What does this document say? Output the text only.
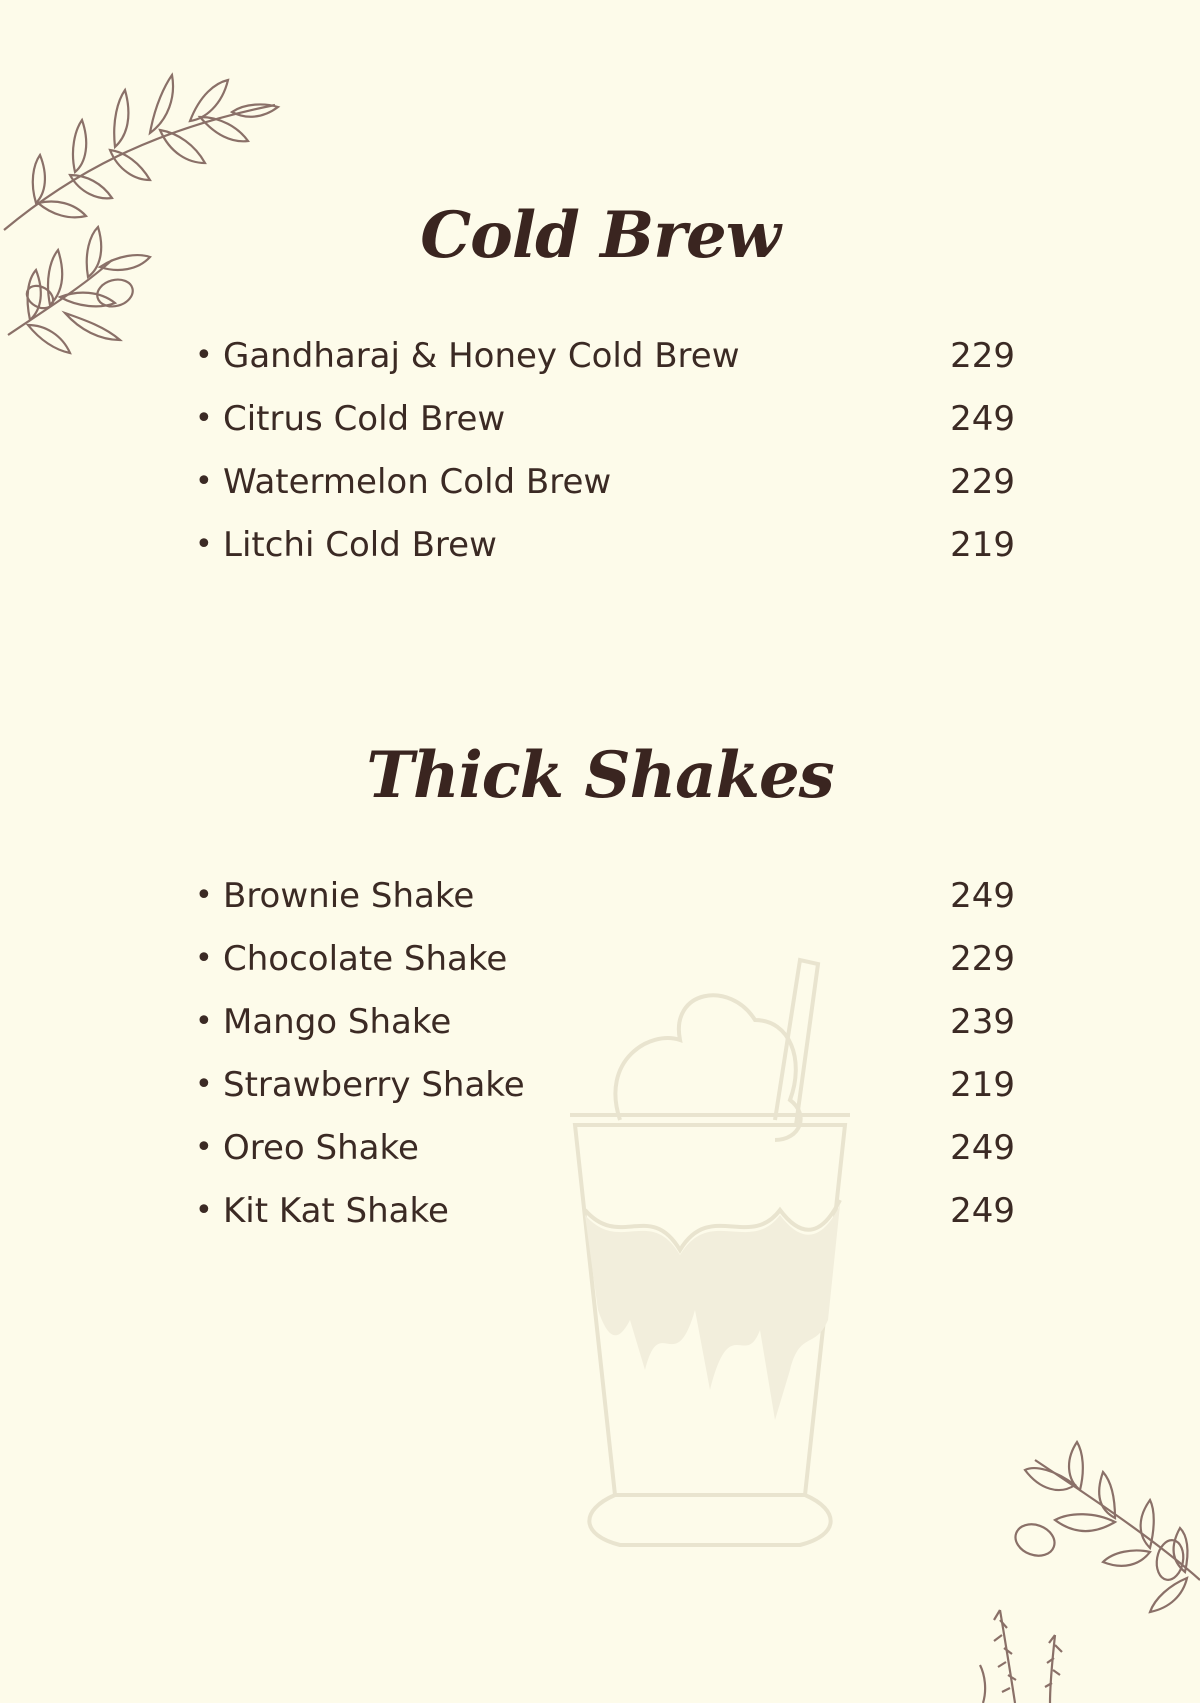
Cold Brew
• Gandharaj & Honey Cold Brew	229
• Citrus Cold Brew	249
• Watermelon Cold Brew	229
• Litchi Cold Brew	219
Thick Shakes
• Brownie Shake	249
• Chocolate Shake	229
• Mango Shake	239
• Strawberry Shake	219
• Oreo Shake	249
• Kit Kat Shake	249
